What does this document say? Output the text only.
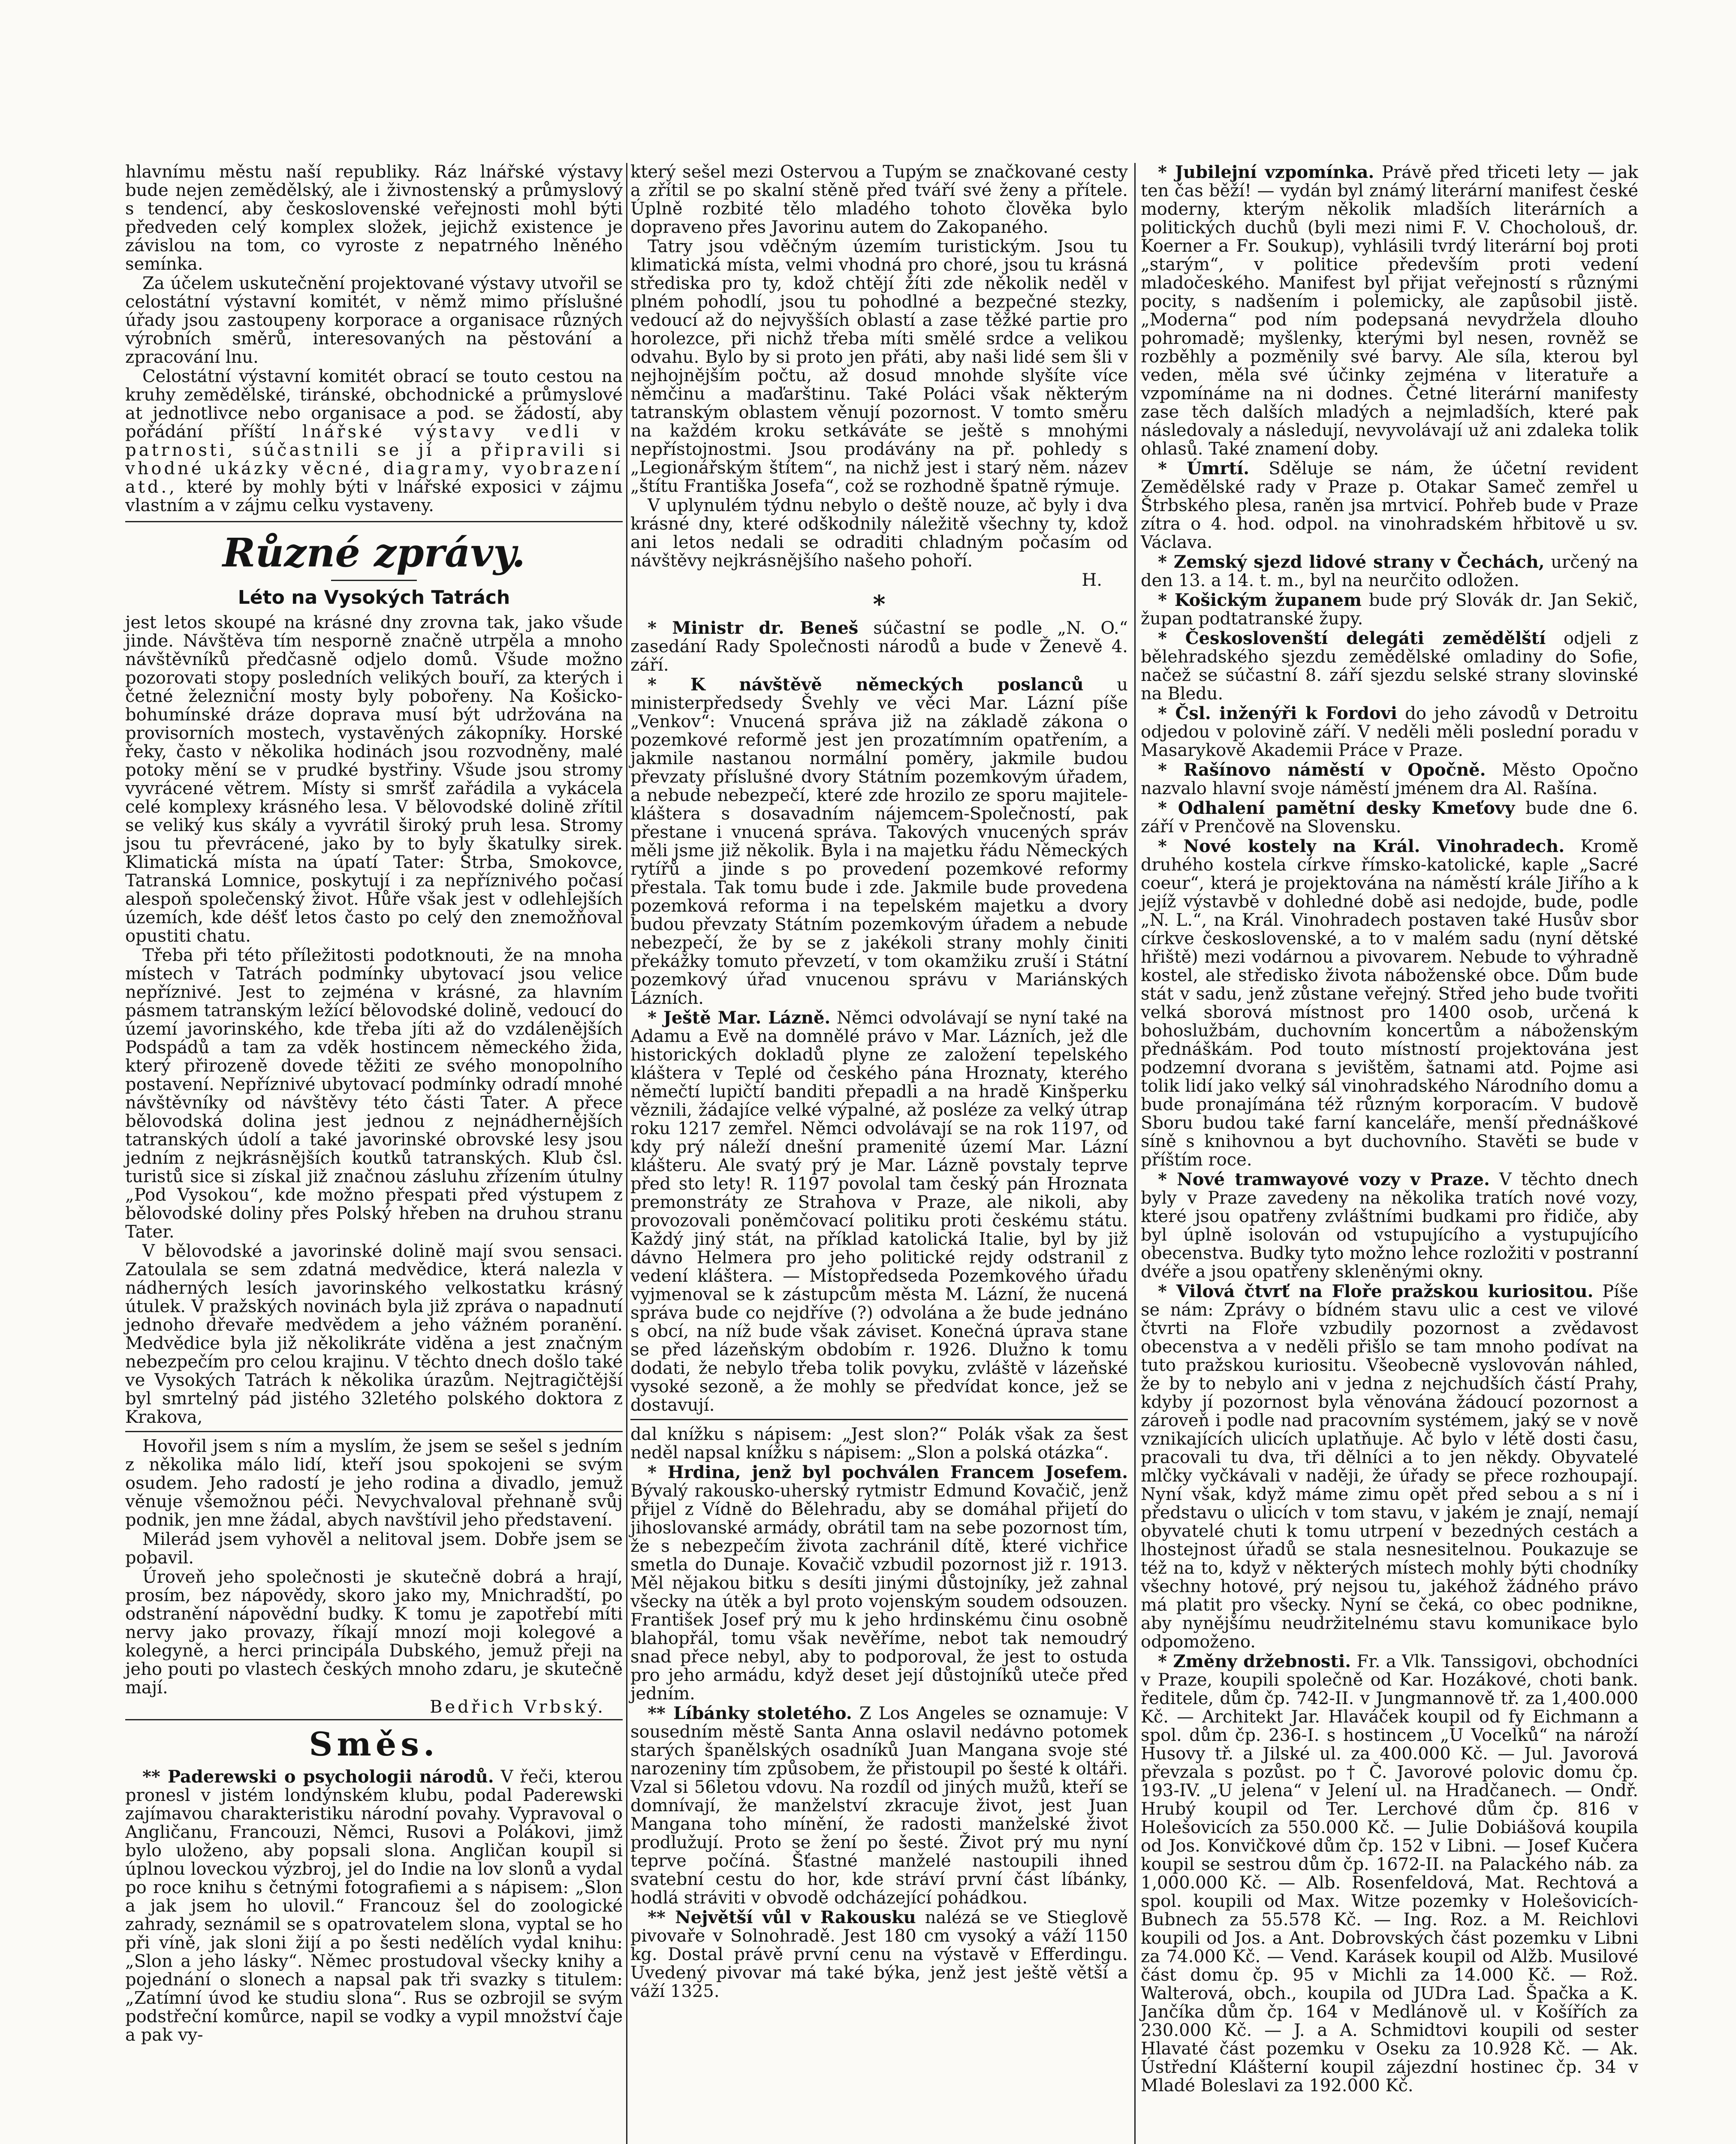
hlavnímu městu naší republiky. Ráz lnářské výstavy bude nejen zemědělský, ale i živnostenský a průmyslový s tendencí, aby československé veřejnosti mohl býti předveden celý komplex složek, jejichž existence je závislou na tom, co vyroste z nepatrného lněného semínka.

Za účelem uskutečnění projektované výstavy utvořil se celostátní výstavní komitét, v němž mimo příslušné úřady jsou zastoupeny korporace a organisace různých výrobních směrů, interesovaných na pěstování a zpracování lnu.

Celostátní výstavní komitét obrací se touto cestou na kruhy zemědělské, tiránské, obchodnické a průmyslové at jednotlivce nebo organisace a pod. se žádostí, aby pořádání příští lnářské výstavy vedli v patrnosti, súčastnili se jí a připravili si vhodné ukázky věcné, diagramy, vyobrazení atd., které by mohly býti v lnářské exposici v zájmu vlastním a v zájmu celku vystaveny.

Různé zprávy.
Léto na Vysokých Tatrách

jest letos skoupé na krásné dny zrovna tak, jako všude jinde. Návštěva tím nesporně značně utrpěla a mnoho návštěvníků předčasně odjelo domů. Všude možno pozorovati stopy posledních velikých bouří, za kterých i četné železniční mosty byly pobořeny. Na Košicko-bohumínské dráze doprava musí být udržována na provisorních mostech, vystavěných zákopníky. Horské řeky, často v několika hodinách jsou rozvodněny, malé potoky mění se v prudké bystřiny. Všude jsou stromy vyvrácené větrem. Místy si smršť zařádila a vykácela celé komplexy krásného lesa. V bělovodské dolině zřítil se veliký kus skály a vyvrátil široký pruh lesa. Stromy jsou tu převrácené, jako by to byly škatulky sirek. Klimatická místa na úpatí Tater: Štrba, Smokovce, Tatranská Lomnice, poskytují i za nepříznivého počasí alespoň společenský život. Hůře však jest v odlehlejších územích, kde déšť letos často po celý den znemožňoval opustiti chatu.

Třeba při této příležitosti podotknouti, že na mnoha místech v Tatrách podmínky ubytovací jsou velice nepříznivé. Jest to zejména v krásné, za hlavním pásmem tatranským ležící bělovodské dolině, vedoucí do území javorinského, kde třeba jíti až do vzdálenějších Podspádů a tam za vděk hostincem německého žida, který přirozeně dovede těžiti ze svého monopolního postavení. Nepříznivé ubytovací podmínky odradí mnohé návštěvníky od návštěvy této části Tater. A přece bělovodská dolina jest jednou z nejnádhernějších tatranských údolí a také javorinské obrovské lesy jsou jedním z nejkrásnějších koutků tatranských. Klub čsl. turistů sice si získal již značnou zásluhu zřízením útulny „Pod Vysokou“, kde možno přespati před výstupem z bělovodské doliny přes Polský hřeben na druhou stranu Tater.

V bělovodské a javorinské dolině mají svou sensaci. Zatoulala se sem zdatná medvědice, která nalezla v nádherných lesích javorinského velkostatku krásný útulek. V pražských novinách byla již zpráva o napadnutí jednoho dřevaře medvědem a jeho vážném poranění. Medvědice byla již několikráte viděna a jest značným nebezpečím pro celou krajinu. V těchto dnech došlo také ve Vysokých Tatrách k několika úrazům. Nejtragičtější byl smrtelný pád jistého 32letého polského doktora z Krakova,

Hovořil jsem s ním a myslím, že jsem se sešel s jedním z několika málo lidí, kteří jsou spokojeni se svým osudem. Jeho radostí je jeho rodina a divadlo, jemuž věnuje všemožnou péči. Nevychvaloval přehnaně svůj podnik, jen mne žádal, abych navštívil jeho představení.

Milerád jsem vyhověl a nelitoval jsem. Dobře jsem se pobavil.

Úroveň jeho společnosti je skutečně dobrá a hrají, prosím, bez nápovědy, skoro jako my, Mnichradští, po odstranění nápovědní budky. K tomu je zapotřebí míti nervy jako provazy, říkají mnozí moji kolegové a kolegyně, a herci principála Dubského, jemuž přeji na jeho pouti po vlastech českých mnoho zdaru, je skutečně mají.

Bedřich Vrbský.

Směs.

** Paderewski o psychologii národů. V řeči, kterou pronesl v jistém londýnském klubu, podal Paderewski zajímavou charakteristiku národní povahy. Vypravoval o Angličanu, Francouzi, Němci, Rusovi a Polákovi, jimž bylo uloženo, aby popsali slona. Angličan koupil si úplnou loveckou výzbroj, jel do Indie na lov slonů a vydal po roce knihu s četnými fotografiemi a s nápisem: „Slon a jak jsem ho ulovil.“ Francouz šel do zoologické zahrady, seznámil se s opatrovatelem slona, vyptal se ho při víně, jak sloni žijí a po šesti nedělích vydal knihu: „Slon a jeho lásky“. Němec prostudoval všecky knihy a pojednání o slonech a napsal pak tři svazky s titulem: „Zatímní úvod ke studiu slona“. Rus se ozbrojil se svým podstřeční komůrce, napil se vodky a vypil množství čaje a pak vy-

který sešel mezi Ostervou a Tupým se značkované cesty a zřítil se po skalní stěně před tváří své ženy a přítele. Úplně rozbité tělo mladého tohoto člověka bylo dopraveno přes Javorinu autem do Zakopaného.

Tatry jsou vděčným územím turistickým. Jsou tu klimatická místa, velmi vhodná pro choré, jsou tu krásná střediska pro ty, kdož chtějí žíti zde několik neděl v plném pohodlí, jsou tu pohodlné a bezpečné stezky, vedoucí až do nejvyšších oblastí a zase těžké partie pro horolezce, při nichž třeba míti smělé srdce a velikou odvahu. Bylo by si proto jen přáti, aby naši lidé sem šli v nejhojnějším počtu, až dosud mnohde slyšíte více němčinu a maďarštinu. Také Poláci však některým tatranským oblastem věnují pozornost. V tomto směru na každém kroku setkáváte se ještě s mnohými nepřístojnostmi. Jsou prodávány na př. pohledy s „Legionářským štítem“, na nichž jest i starý něm. název „štítu Františka Josefa“, což se rozhodně špatně rýmuje.

V uplynulém týdnu nebylo o deště nouze, ač byly i dva krásné dny, které odškodnily náležitě všechny ty, kdož ani letos nedali se odraditi chladným počasím od návštěvy nejkrásnějšího našeho pohoří.

H.

*

* Ministr dr. Beneš súčastní se podle „N. O.“ zasedání Rady Společnosti národů a bude v Ženevě 4. září.

* K návštěvě německých poslanců u ministerpředsedy Švehly ve věci Mar. Lázní píše „Venkov“: Vnucená správa již na základě zákona o pozemkové reformě jest jen prozatímním opatřením, a jakmile nastanou normální poměry, jakmile budou převzaty příslušné dvory Státním pozemkovým úřadem, a nebude nebezpečí, které zde hrozilo ze sporu majitele-kláštera s dosavadním nájemcem-Společností, pak přestane i vnucená správa. Takových vnucených správ měli jsme již několik. Byla i na majetku řádu Německých rytířů a jinde s po provedení pozemkové reformy přestala. Tak tomu bude i zde. Jakmile bude provedena pozemková reforma i na tepelském majetku a dvory budou převzaty Státním pozemkovým úřadem a nebude nebezpečí, že by se z jakékoli strany mohly činiti překážky tomuto převzetí, v tom okamžiku zruší i Státní pozemkový úřad vnucenou správu v Mariánských Lázních.

* Ještě Mar. Lázně. Němci odvolávají se nyní také na Adamu a Evě na domnělé právo v Mar. Lázních, jež dle historických dokladů plyne ze založení tepelského kláštera v Teplé od českého pána Hroznaty, kterého němečtí lupičtí banditi přepadli a na hradě Kinšperku věznili, žádajíce velké výpalné, až posléze za velký útrap roku 1217 zemřel. Němci odvolávají se na rok 1197, od kdy prý náleží dnešní pramenité území Mar. Lázní klášteru. Ale svatý prý je Mar. Lázně povstaly teprve před sto lety! R. 1197 povolal tam český pán Hroznata premonstráty ze Strahova v Praze, ale nikoli, aby provozovali poněmčovací politiku proti českému státu. Každý jiný stát, na příklad katolická Italie, byl by již dávno Helmera pro jeho politické rejdy odstranil z vedení kláštera. — Místopředseda Pozemkového úřadu vyjmenoval se k zástupcům města M. Lázní, že nucená správa bude co nejdříve (?) odvolána a že bude jednáno s obcí, na níž bude však záviset. Konečná úprava stane se před lázeňským obdobím r. 1926. Dlužno k tomu dodati, že nebylo třeba tolik povyku, zvláště v lázeňské vysoké sezoně, a že mohly se předvídat konce, jež se dostavují.

dal knížku s nápisem: „Jest slon?“ Polák však za šest neděl napsal knížku s nápisem: „Slon a polská otázka“.

* Hrdina, jenž byl pochválen Francem Josefem. Bývalý rakousko-uherský rytmistr Edmund Kovačič, jenž přijel z Vídně do Bělehradu, aby se domáhal přijetí do jihoslovanské armády, obrátil tam na sebe pozornost tím, že s nebezpečím života zachránil dítě, které vichřice smetla do Dunaje. Kovačič vzbudil pozornost již r. 1913. Měl nějakou bitku s desíti jinými důstojníky, jež zahnal všecky na útěk a byl proto vojenským soudem odsouzen. František Josef prý mu k jeho hrdinskému činu osobně blahopřál, tomu však nevěříme, nebot tak nemoudrý snad přece nebyl, aby to podporoval, že jest to ostuda pro jeho armádu, když deset její důstojníků uteče před jedním.

** Líbánky stoletého. Z Los Angeles se oznamuje: V sousedním městě Santa Anna oslavil nedávno potomek starých španělských osadníků Juan Mangana svoje sté narozeniny tím způsobem, že přistoupil po šesté k oltáři. Vzal si 56letou vdovu. Na rozdíl od jiných mužů, kteří se domnívají, že manželství zkracuje život, jest Juan Mangana toho mínění, že radosti manželské život prodlužují. Proto se žení po šesté. Život prý mu nyní teprve počíná. Šťastné manželé nastoupili ihned svatební cestu do hor, kde stráví první část líbánky, hodlá stráviti v obvodě odcházející pohádkou.

** Největší vůl v Rakousku nalézá se ve Stieglově pivovaře v Solnohradě. Jest 180 cm vysoký a váží 1150 kg. Dostal právě první cenu na výstavě v Efferdingu. Uvedený pivovar má také býka, jenž jest ještě větší a váží 1325.

* Jubilejní vzpomínka. Právě před třiceti lety — jak ten čas běží! — vydán byl známý literární manifest české moderny, kterým několik mladších literárních a politických duchů (byli mezi nimi F. V. Chocholouš, dr. Koerner a Fr. Soukup), vyhlásili tvrdý literární boj proti „starým“, v politice především proti vedení mladočeského. Manifest byl přijat veřejností s různými pocity, s nadšením i polemicky, ale zapůsobil jistě. „Moderna“ pod ním podepsaná nevydržela dlouho pohromadě; myšlenky, kterými byl nesen, rovněž se rozběhly a pozměnily své barvy. Ale síla, kterou byl veden, měla své účinky zejména v literatuře a vzpomínáme na ni dodnes. Četné literární manifesty zase těch dalších mladých a nejmladších, které pak následovaly a následují, nevyvolávají už ani zdaleka tolik ohlasů. Také znamení doby.

* Úmrtí. Sděluje se nám, že účetní revident Zemědělské rady v Praze p. Otakar Sameč zemřel u Štrbského plesa, raněn jsa mrtvicí. Pohřeb bude v Praze zítra o 4. hod. odpol. na vinohradském hřbitově u sv. Václava.

* Zemský sjezd lidové strany v Čechách, určený na den 13. a 14. t. m., byl na neurčito odložen.

* Košickým županem bude prý Slovák dr. Jan Sekič, župan podtatranské župy.

* Českoslovenští delegáti zemědělští odjeli z bělehradského sjezdu zemědělské omladiny do Sofie, načež se súčastní 8. září sjezdu selské strany slovinské na Bledu.

* Čsl. inženýři k Fordovi do jeho závodů v Detroitu odjedou v polovině září. V neděli měli poslední poradu v Masarykově Akademii Práce v Praze.

* Rašínovo náměstí v Opočně. Město Opočno nazvalo hlavní svoje náměstí jménem dra Al. Rašína.

* Odhalení pamětní desky Kmeťovy bude dne 6. září v Prenčově na Slovensku.

* Nové kostely na Král. Vinohradech. Kromě druhého kostela církve římsko-katolické, kaple „Sacré coeur“, která je projektována na náměstí krále Jiřího a k jejíž výstavbě v dohledné době asi nedojde, bude, podle „N. L.“, na Král. Vinohradech postaven také Husův sbor církve československé, a to v malém sadu (nyní dětské hřiště) mezi vodárnou a pivovarem. Nebude to výhradně kostel, ale středisko života náboženské obce. Dům bude stát v sadu, jenž zůstane veřejný. Střed jeho bude tvořiti velká sborová místnost pro 1400 osob, určená k bohoslužbám, duchovním koncertům a náboženským přednáškám. Pod touto místností projektována jest podzemní dvorana s jevištěm, šatnami atd. Pojme asi tolik lidí jako velký sál vinohradského Národního domu a bude pronajímána též různým korporacím. V budově Sboru budou také farní kanceláře, menší přednáškové síně s knihovnou a byt duchovního. Stavěti se bude v příštím roce.

* Nové tramwayové vozy v Praze. V těchto dnech byly v Praze zavedeny na několika tratích nové vozy, které jsou opatřeny zvláštními budkami pro řidiče, aby byl úplně isolován od vstupujícího a vystupujícího obecenstva. Budky tyto možno lehce rozložiti v postranní dvéře a jsou opatřeny skleněnými okny.

* Vilová čtvrť na Floře pražskou kuriositou. Píše se nám: Zprávy o bídném stavu ulic a cest ve vilové čtvrti na Floře vzbudily pozornost a zvědavost obecenstva a v neděli přišlo se tam mnoho podívat na tuto pražskou kuriositu. Všeobecně vyslovován náhled, že by to nebylo ani v jedna z nejchudších částí Prahy, kdyby jí pozornost byla věnována žádoucí pozornost a zároveň i podle nad pracovním systémem, jaký se v nově vznikajících ulicích uplatňuje. Ač bylo v létě dosti času, pracovali tu dva, tři dělníci a to jen někdy. Obyvatelé mlčky vyčkávali v naději, že úřady se přece rozhoupají. Nyní však, když máme zimu opět před sebou a s ní i představu o ulicích v tom stavu, v jakém je znají, nemají obyvatelé chuti k tomu utrpení v bezedných cestách a lhostejnost úřadů se stala nesnesitelnou. Poukazuje se též na to, když v některých místech mohly býti chodníky všechny hotové, prý nejsou tu, jakéhož žádného právo má platit pro všecky. Nyní se čeká, co obec podnikne, aby nynějšímu neudržitelnému stavu komunikace bylo odpomoženo.

* Změny držebnosti. Fr. a Vlk. Tanssigovi, obchodníci v Praze, koupili společně od Kar. Hozákové, choti bank. ředitele, dům čp. 742-II. v Jungmannově tř. za 1,400.000 Kč. — Architekt Jar. Hlaváček koupil od fy Eichmann a spol. dům čp. 236-I. s hostincem „U Vocelků“ na nároží Husovy tř. a Jilské ul. za 400.000 Kč. — Jul. Javorová převzala s pozůst. po † Č. Javorové polovic domu čp. 193-IV. „U jelena“ v Jelení ul. na Hradčanech. — Ondř. Hrubý koupil od Ter. Lerchové dům čp. 816 v Holešovicích za 550.000 Kč. — Julie Dobiášová koupila od Jos. Konvičkové dům čp. 152 v Libni. — Josef Kučera koupil se sestrou dům čp. 1672-II. na Palackého náb. za 1,000.000 Kč. — Alb. Rosenfeldová, Mat. Rechtová a spol. koupili od Max. Witze pozemky v Holešovicích-Bubnech za 55.578 Kč. — Ing. Roz. a M. Reichlovi koupili od Jos. a Ant. Dobrovských část pozemku v Libni za 74.000 Kč. — Vend. Karásek koupil od Alžb. Musilové část domu čp. 95 v Michli za 14.000 Kč. — Rož. Walterová, obch., koupila od JUDra Lad. Špačka a K. Jančíka dům čp. 164 v Medlánově ul. v Košířích za 230.000 Kč. — J. a A. Schmidtovi koupili od sester Hlavaté část pozemku v Oseku za 10.928 Kč. — Ak. Ústřední Klášterní koupil zájezdní hostinec čp. 34 v Mladé Boleslavi za 192.000 Kč.
